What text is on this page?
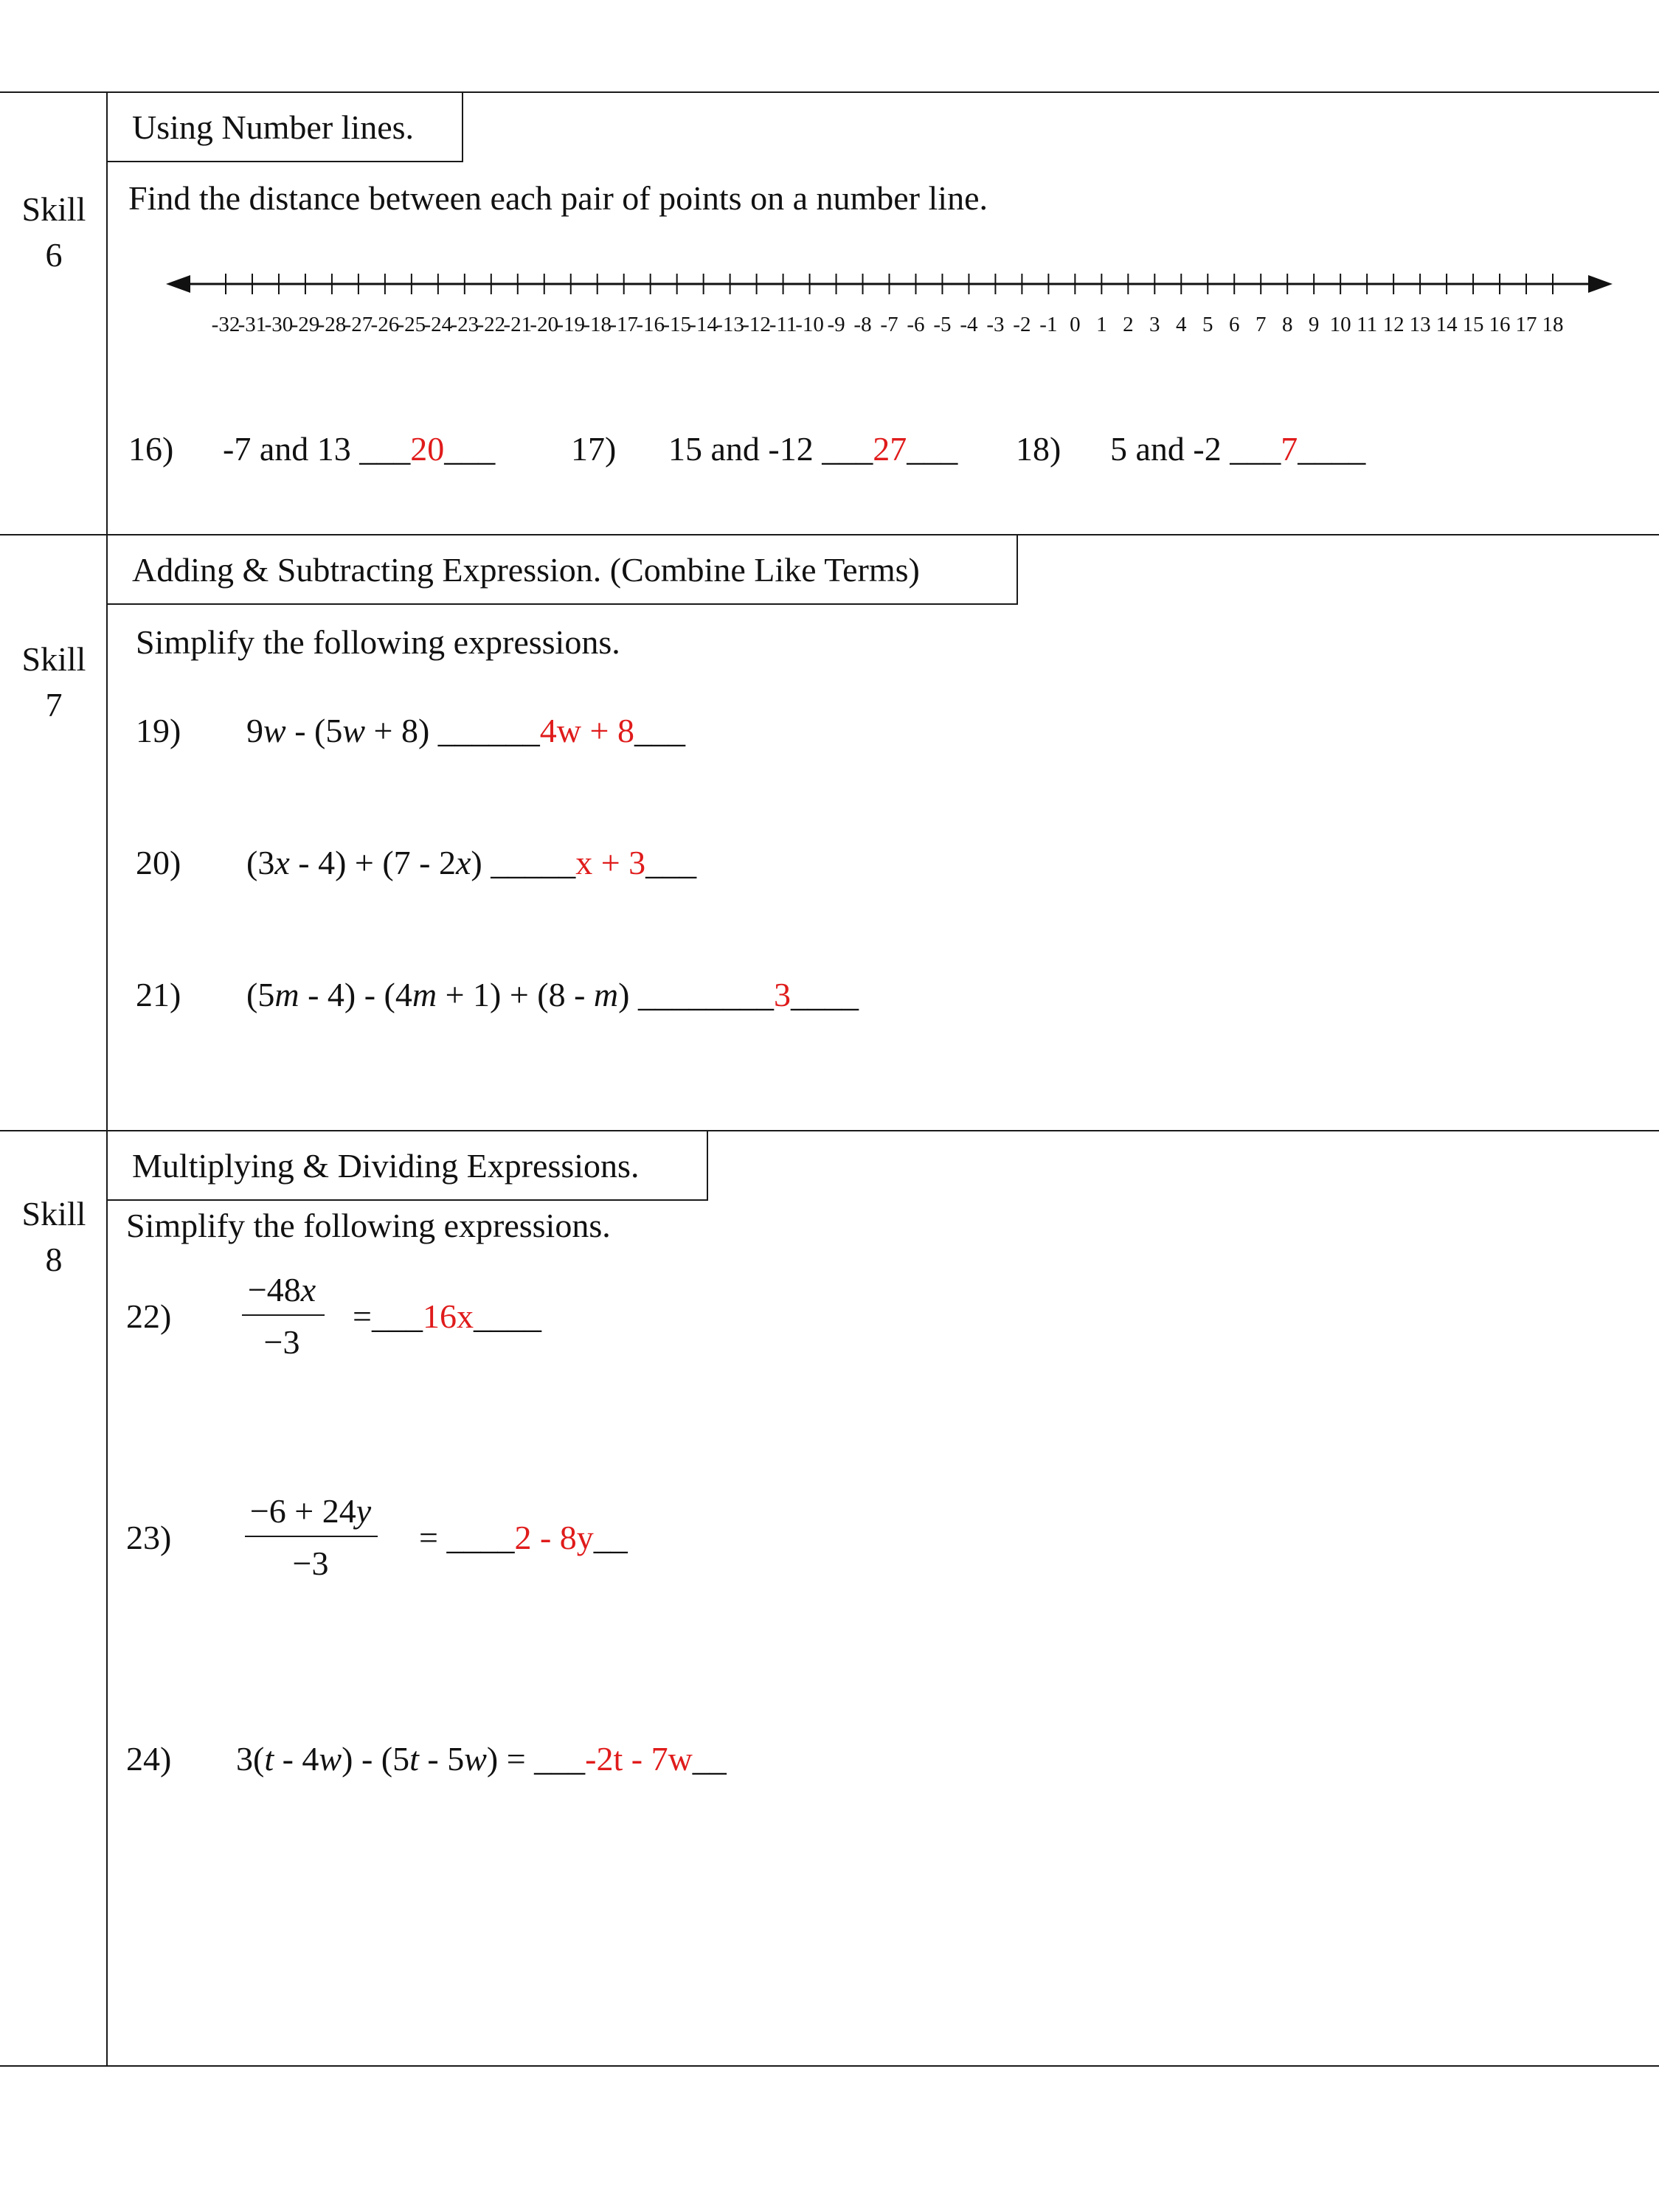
Skill
6
Skill
7
Skill
8
Using Number lines.
Find the distance between each pair of points on a number line.
-32
-31
-30
-29
-28
-27
-26
-25
-24
-23
-22
-21
-20
-19
-18
-17
-16
-15
-14
-13
-12
-11
-10 -9 -8 -7 -6 -5 -4 -3 -2 -1 0 1 2 3 4 5 6 7 8 9 10 11 12 13 14 15 16 17 18
16) -7 and 13 ___20___ 17) 15 and -12 ___27___ 18) 5 and -2 ___7____
Adding & Subtracting Expression. (Combine Like Terms)
Simplify the following expressions.
19) 9w - (5w + 8) ______4w + 8___
20) (3x - 4) + (7 - 2x) _____x + 3___
21) (5m - 4) - (4m + 1) + (8 - m) ________3____
Multiplying & Dividing Expressions.
Simplify the following expressions.
22)
−48x
−3
=___16x____
23)
−6 + 24y
−3
= ____2 - 8y__
24) 3(t - 4w) - (5t - 5w) = ___-2t - 7w__
